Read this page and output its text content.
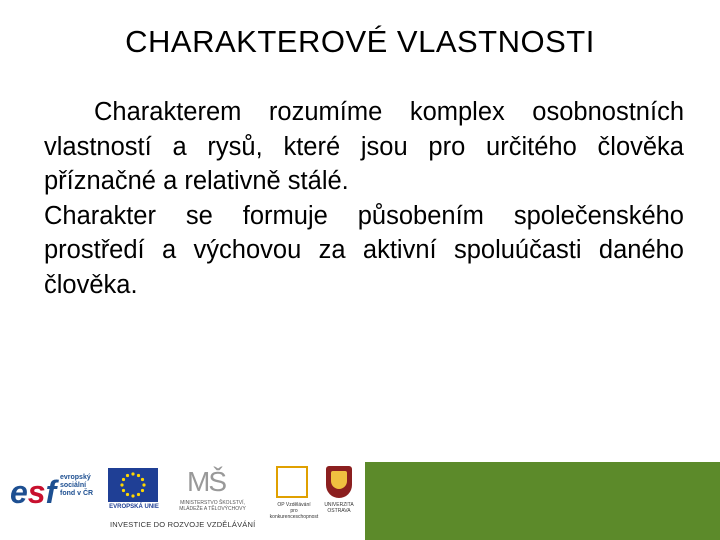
CHARAKTEROVÉ VLASTNOSTI

Charakterem rozumíme komplex osobnostních vlastností a rysů, které jsou pro určitého člověka příznačné a relativně stálé.

Charakter se formuje působením společenského prostředí a výchovou za aktivní spoluúčasti daného člověka.

esf evropský
sociální
fond v ČR
EVROPSKÁ UNIE
MŠ

MINISTERSTVO ŠKOLSTVÍ,
MLÁDEŽE A TĚLOVÝCHOVY
OP Vzdělávání
pro konkurenceschopnost
UNIVERZITA
OSTRAVA
INVESTICE DO ROZVOJE VZDĚLÁVÁNÍ
